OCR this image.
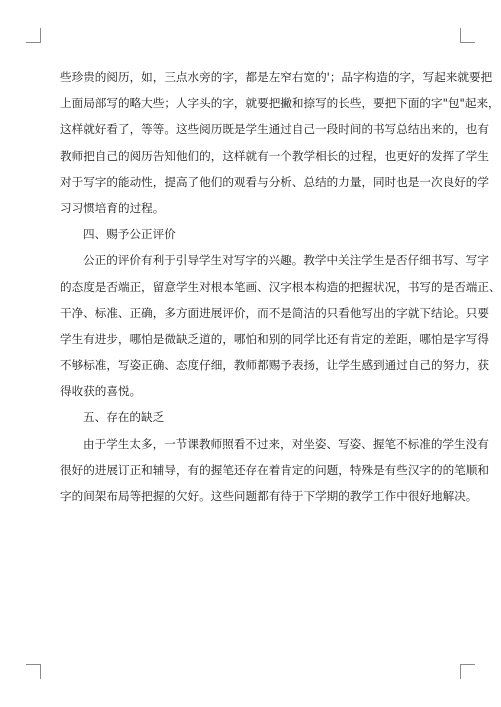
些珍贵的阅历，如，三点水旁的字，都是左窄右宽的'；品字构造的字，写起来就要把
上面局部写的略大些；人字头的字，就要把撇和捺写的长些，要把下面的字"包"起来，
这样就好看了，等等。这些阅历既是学生通过自己一段时间的书写总结出来的，也有
教师把自己的阅历告知他们的，这样就有一个教学相长的过程，也更好的发挥了学生
对于写字的能动性，提高了他们的观看与分析、总结的力量，同时也是一次良好的学
习习惯培育的过程。
四、赐予公正评价
公正的评价有利于引导学生对写字的兴趣。教学中关注学生是否仔细书写、写字
的态度是否端正，留意学生对根本笔画、汉字根本构造的把握状况，书写的是否端正、
干净、标准、正确，多方面进展评价，而不是简洁的只看他写出的字就下结论。只要
学生有进步，哪怕是微缺乏道的，哪怕和别的同学比还有肯定的差距，哪怕是字写得
不够标准，写姿正确、态度仔细，教师都赐予表扬，让学生感到通过自己的努力，获
得收获的喜悦。
五、存在的缺乏
由于学生太多，一节课教师照看不过来，对坐姿、写姿、握笔不标准的学生没有
很好的进展订正和辅导，有的握笔还存在着肯定的问题，特殊是有些汉字的的笔顺和
字的间架布局等把握的欠好。这些问题都有待于下学期的教学工作中很好地解决。
